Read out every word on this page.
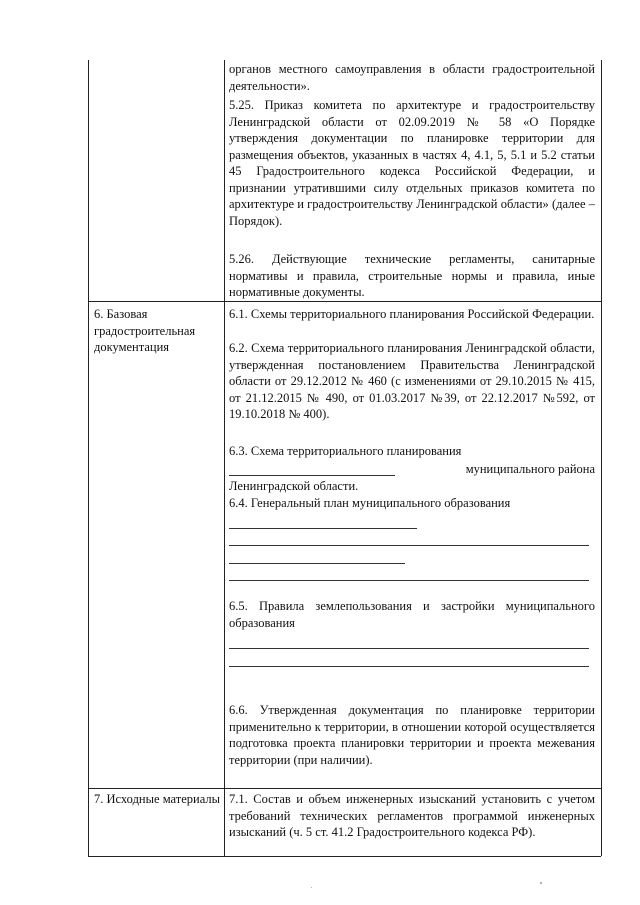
органов местного самоуправления в области градостроительной деятельности».
5.25. Приказ комитета по архитектуре и градостроительству Ленинградской области от 02.09.2019 № 58 «О Порядке утверждения документации по планировке территории для размещения объектов, указанных в частях 4, 4.1, 5, 5.1 и 5.2 статьи 45 Градостроительного кодекса Российской Федерации, и признании утратившими силу отдельных приказов комитета по архитектуре и градостроительству Ленинградской области» (далее – Порядок).
5.26. Действующие технические регламенты, санитарные нормативы и правила, строительные нормы и правила, иные нормативные документы.
6. Базовая градостроительная документация
6.1. Схемы территориального планирования Российской Федерации.
6.2. Схема территориального планирования Ленинградской области, утвержденная постановлением Правительства Ленинградской области от 29.12.2012 № 460 (с изменениями от 29.10.2015 № 415, от 21.12.2015 № 490, от 01.03.2017 №39, от 22.12.2017 №592, от 19.10.2018 № 400).
6.3. Схема территориального планирования
муниципального района
Ленинградской области.
6.4. Генеральный план муниципального образования
6.5. Правила землепользования и застройки муниципального образования
6.6. Утвержденная документация по планировке территории применительно к территории, в отношении которой осуществляется подготовка проекта планировки территории и проекта межевания территории (при наличии).
7. Исходные материалы 7.1. Состав и объем инженерных изысканий установить с учетом требований технических регламентов программой инженерных изысканий (ч. 5 ст. 41.2 Градостроительного кодекса РФ).
